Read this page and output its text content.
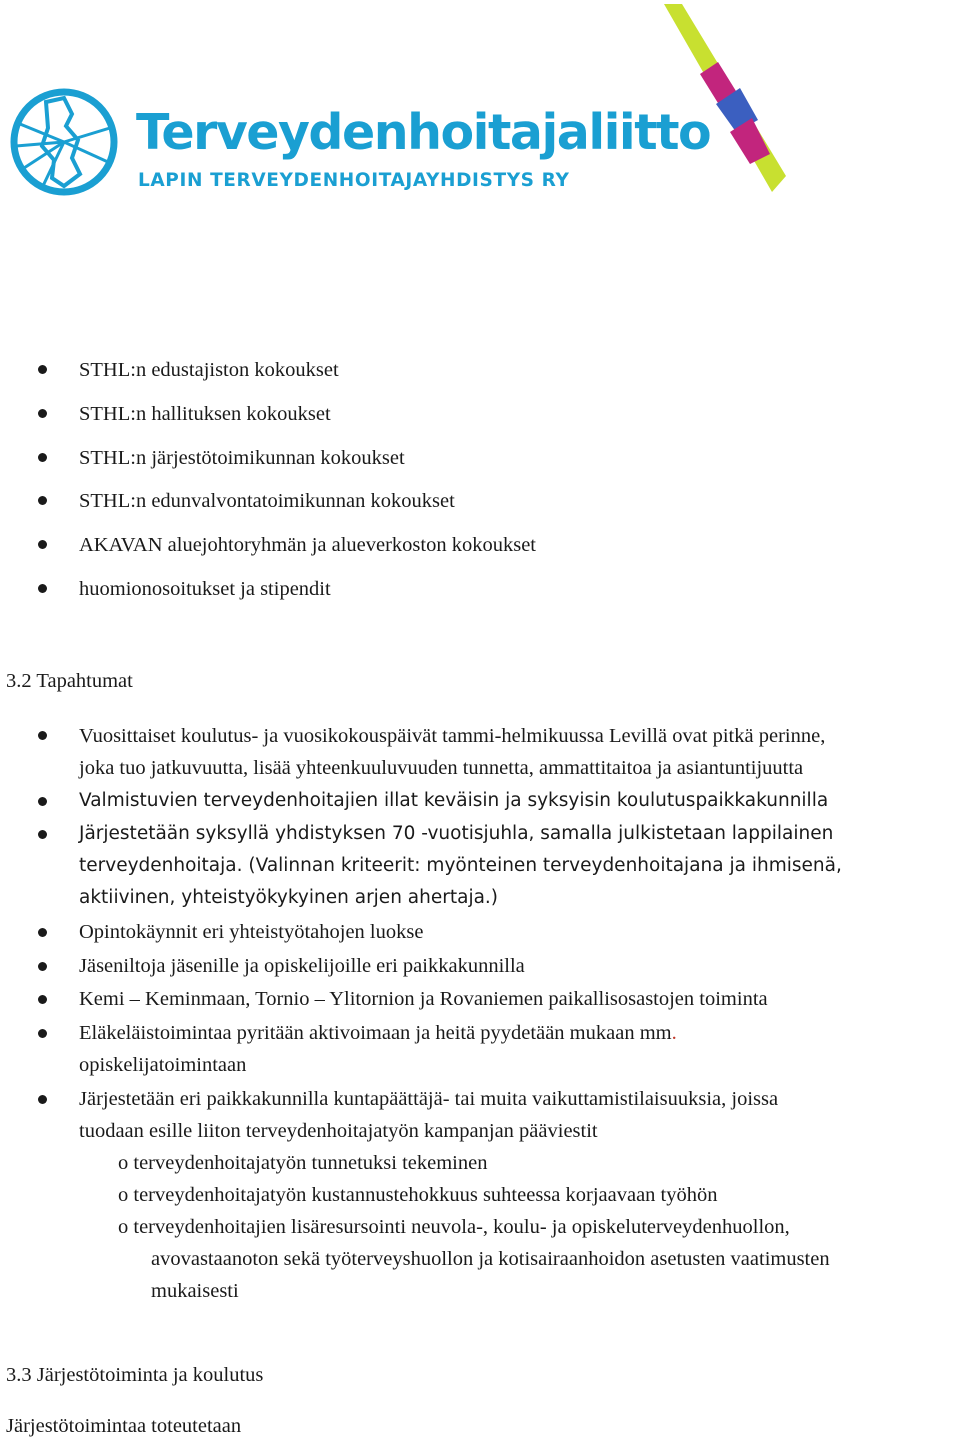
Terveydenhoitajaliitto
LAPIN TERVEYDENHOITAJAYHDISTYS RY
STHL:n edustajiston kokoukset
STHL:n hallituksen kokoukset
STHL:n järjestötoimikunnan kokoukset
STHL:n edunvalvontatoimikunnan kokoukset
AKAVAN aluejohtoryhmän ja alueverkoston kokoukset
huomionosoitukset ja stipendit
3.2 Tapahtumat
Vuosittaiset koulutus- ja vuosikokouspäivät tammi-helmikuussa Levillä ovat pitkä perinne,
joka tuo jatkuvuutta, lisää yhteenkuuluvuuden tunnetta, ammattitaitoa ja asiantuntijuutta
Valmistuvien terveydenhoitajien illat keväisin ja syksyisin koulutuspaikkakunnilla
Järjestetään syksyllä yhdistyksen 70 -vuotisjuhla, samalla julkistetaan lappilainen
terveydenhoitaja. (Valinnan kriteerit: myönteinen terveydenhoitajana ja ihmisenä,
aktiivinen, yhteistyökykyinen arjen ahertaja.)
Opintokäynnit eri yhteistyötahojen luokse
Jäseniltoja jäsenille ja opiskelijoille eri paikkakunnilla
Kemi – Keminmaan, Tornio – Ylitornion ja Rovaniemen paikallisosastojen toiminta
Eläkeläistoimintaa pyritään aktivoimaan ja heitä pyydetään mukaan mm.
opiskelijatoimintaan
Järjestetään eri paikkakunnilla kuntapäättäjä- tai muita vaikuttamistilaisuuksia, joissa
tuodaan esille liiton terveydenhoitajatyön kampanjan pääviestit
o terveydenhoitajatyön tunnetuksi tekeminen
o terveydenhoitajatyön kustannustehokkuus suhteessa korjaavaan työhön
o terveydenhoitajien lisäresursointi neuvola-, koulu- ja opiskeluterveydenhuollon,
avovastaanoton sekä työterveyshuollon ja kotisairaanhoidon asetusten vaatimusten
mukaisesti
3.3 Järjestötoiminta ja koulutus
Järjestötoimintaa toteutetaan
